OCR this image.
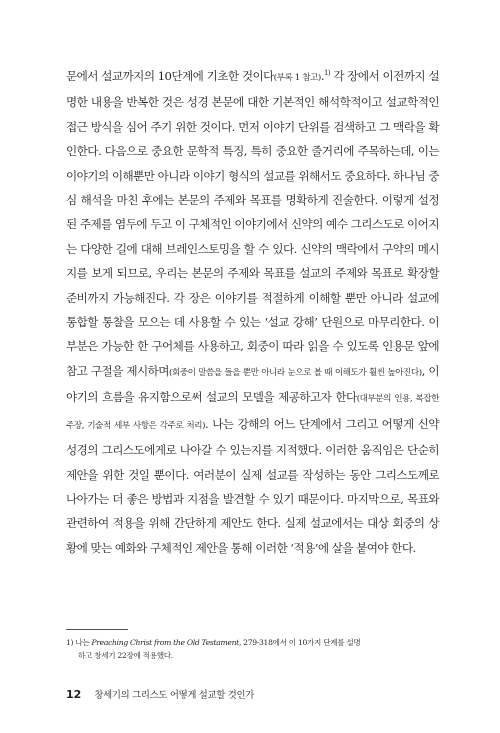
문에서 설교까지의 10단계에 기초한 것이다(부록 1 참고).$^{1)}$ 각 장에서 이전까지 설명한 내용을 반복한 것은 성경 본문에 대한 기본적인 해석학적이고 설교학적인 접근 방식을 심어 주기 위한 것이다. 먼저 이야기 단위를 검색하고 그 맥락을 확인한다. 다음으로 중요한 문학적 특징, 특히 중요한 줄거리에 주목하는데, 이는 이야기의 이해뿐만 아니라 이야기 형식의 설교를 위해서도 중요하다. 하나님 중심 해석을 마친 후에는 본문의 주제와 목표를 명확하게 진술한다. 이렇게 설정된 주제를 염두에 두고 이 구체적인 이야기에서 신약의 예수 그리스도로 이어지는 다양한 길에 대해 브레인스토밍을 할 수 있다. 신약의 맥락에서 구약의 메시지를 보게 되므로, 우리는 본문의 주제와 목표를 설교의 주제와 목표로 확장할 준비까지 가능해진다. 각 장은 이야기를 적절하게 이해할 뿐만 아니라 설교에 통합할 통찰을 모으는 데 사용할 수 있는 ‘설교 강해’ 단원으로 마무리한다. 이 부분은 가능한 한 구어체를 사용하고, 회중이 따라 읽을 수 있도록 인용문 앞에 참고 구절을 제시하며(회중이 말씀을 들을 뿐만 아니라 눈으로 볼 때 이해도가 훨씬 높아진다), 이야기의 흐름을 유지함으로써 설교의 모델을 제공하고자 한다(대부분의 인용, 복잡한 주장, 기술적 세부 사항은 각주로 처리). 나는 강해의 어느 단계에서 그리고 어떻게 신약 성경의 그리스도에게로 나아갈 수 있는지를 지적했다. 이러한 움직임은 단순히 제안을 위한 것일 뿐이다. 여러분이 실제 설교를 작성하는 동안 그리스도께로 나아가는 더 좋은 방법과 지점을 발견할 수 있기 때문이다. 마지막으로, 목표와 관련하여 적용을 위해 간단하게 제안도 한다. 실제 설교에서는 대상 회중의 상황에 맞는 예화와 구체적인 제안을 통해 이러한 ‘적용’에 살을 붙여야 한다.

1) 나는 Preaching Christ from the Old Testament, 279-318에서 이 10가지 단계를 설명
하고 창세기 22장에 적용했다.
12 창세기의 그리스도 어떻게 설교할 것인가
